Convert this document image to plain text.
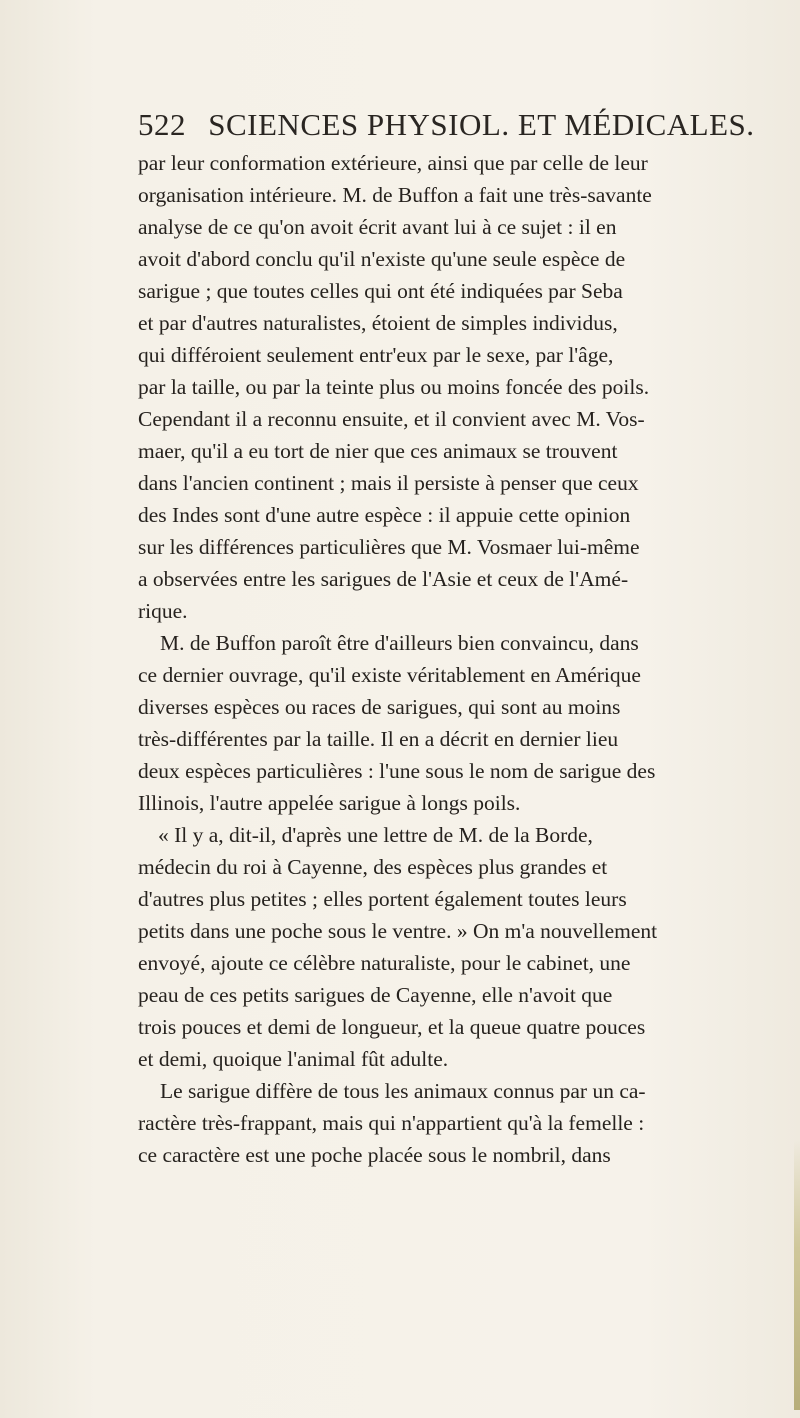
522 SCIENCES PHYSIOL. ET MÉDICALES.
par leur conformation extérieure, ainsi que par celle de leur
organisation intérieure. M. de Buffon a fait une très-savante
analyse de ce qu'on avoit écrit avant lui à ce sujet : il en
avoit d'abord conclu qu'il n'existe qu'une seule espèce de
sarigue ; que toutes celles qui ont été indiquées par Seba
et par d'autres naturalistes, étoient de simples individus,
qui différoient seulement entr'eux par le sexe, par l'âge,
par la taille, ou par la teinte plus ou moins foncée des poils.
Cependant il a reconnu ensuite, et il convient avec M. Vos-
maer, qu'il a eu tort de nier que ces animaux se trouvent
dans l'ancien continent ; mais il persiste à penser que ceux
des Indes sont d'une autre espèce : il appuie cette opinion
sur les différences particulières que M. Vosmaer lui-même
a observées entre les sarigues de l'Asie et ceux de l'Amé-
rique.
M. de Buffon paroît être d'ailleurs bien convaincu, dans
ce dernier ouvrage, qu'il existe véritablement en Amérique
diverses espèces ou races de sarigues, qui sont au moins
très-différentes par la taille. Il en a décrit en dernier lieu
deux espèces particulières : l'une sous le nom de sarigue des
Illinois, l'autre appelée sarigue à longs poils.
« Il y a, dit-il, d'après une lettre de M. de la Borde,
médecin du roi à Cayenne, des espèces plus grandes et
d'autres plus petites ; elles portent également toutes leurs
petits dans une poche sous le ventre. » On m'a nouvellement
envoyé, ajoute ce célèbre naturaliste, pour le cabinet, une
peau de ces petits sarigues de Cayenne, elle n'avoit que
trois pouces et demi de longueur, et la queue quatre pouces
et demi, quoique l'animal fût adulte.
Le sarigue diffère de tous les animaux connus par un ca-
ractère très-frappant, mais qui n'appartient qu'à la femelle :
ce caractère est une poche placée sous le nombril, dans
